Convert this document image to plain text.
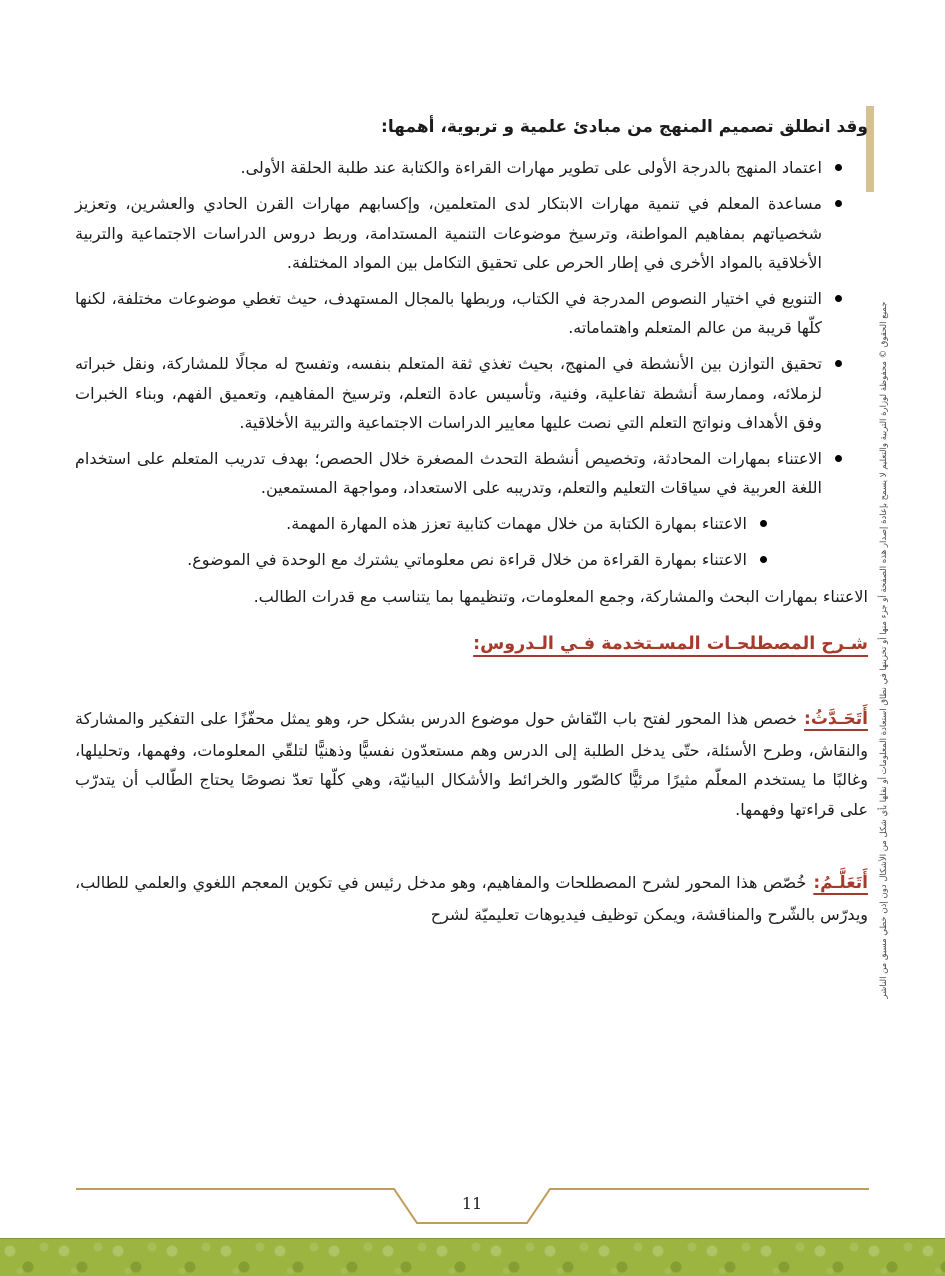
جميع الحقوق © محفوظة لوزارة التربية والتعليم لا يسمح بإعادة إصدار هذه الصفحة أو جزء منها أو تخزينها في نطاق استعادة المعلومات أو نقلها بأي شكل من الأشكال دون إذن خطي مسبق من الناشر
وقد انطلق تصميم المنهج من مبادئ علمية و تربوية، أهمها:
اعتماد المنهج بالدرجة الأولى على تطوير مهارات القراءة والكتابة عند طلبة الحلقة الأولى.
مساعدة المعلم في تنمية مهارات الابتكار لدى المتعلمين، وإكسابهم مهارات القرن الحادي والعشرين، وتعزيز شخصياتهم بمفاهيم المواطنة، وترسيخ موضوعات التنمية المستدامة، وربط دروس الدراسات الاجتماعية والتربية الأخلاقية بالمواد الأخرى في إطار الحرص على تحقيق التكامل بين المواد المختلفة.
التنويع في اختيار النصوص المدرجة في الكتاب، وربطها بالمجال المستهدف، حيث تغطي موضوعات مختلفة، لكنها كلّها قريبة من عالم المتعلم واهتماماته.
تحقيق التوازن بين الأنشطة في المنهج، بحيث تغذي ثقة المتعلم بنفسه، وتفسح له مجالًا للمشاركة، ونقل خبراته لزملائه، وممارسة أنشطة تفاعلية، وفنية، وتأسيس عادة التعلم، وترسيخ المفاهيم، وتعميق الفهم، وبناء الخبرات وفق الأهداف ونواتج التعلم التي نصت عليها معايير الدراسات الاجتماعية والتربية الأخلاقية.
الاعتناء بمهارات المحادثة، وتخصيص أنشطة التحدث المصغرة خلال الحصص؛ بهدف تدريب المتعلم على استخدام اللغة العربية في سياقات التعليم والتعلم، وتدريبه على الاستعداد، ومواجهة المستمعين.
الاعتناء بمهارة الكتابة من خلال مهمات كتابية تعزز هذه المهارة المهمة.
الاعتناء بمهارة القراءة من خلال قراءة نص معلوماتي يشترك مع الوحدة في الموضوع.

الاعتناء بمهارات البحث والمشاركة، وجمع المعلومات، وتنظيمها بما يتناسب مع قدرات الطالب.

شـرح المصطلحـات المسـتخدمة فـي الـدروس:

أَتَحَـدَّثُ:خصص هذا المحور لفتح باب النّقاش حول موضوع الدرس بشكل حر، وهو يمثل محفّزًا على التفكير والمشاركة والنقاش، وطرح الأسئلة، حتّى يدخل الطلبة إلى الدرس وهم مستعدّون نفسيًّا وذهنيًّا لتلقّي المعلومات، وفهمها، وتحليلها، وغالبًا ما يستخدم المعلّم مثيرًا مرئيًّا كالصّور والخرائط والأشكال البيانيّة، وهي كلّها تعدّ نصوصًا يحتاج الطّالب أن يتدرّب على قراءتها وفهمها.

أَتَعَلَّـمُ:خُصّص هذا المحور لشرح المصطلحات والمفاهيم، وهو مدخل رئيس في تكوين المعجم اللغوي والعلمي للطالب، ويدرّس بالشّرح والمناقشة، ويمكن توظيف فيديوهات تعليميّة لشرح

11
